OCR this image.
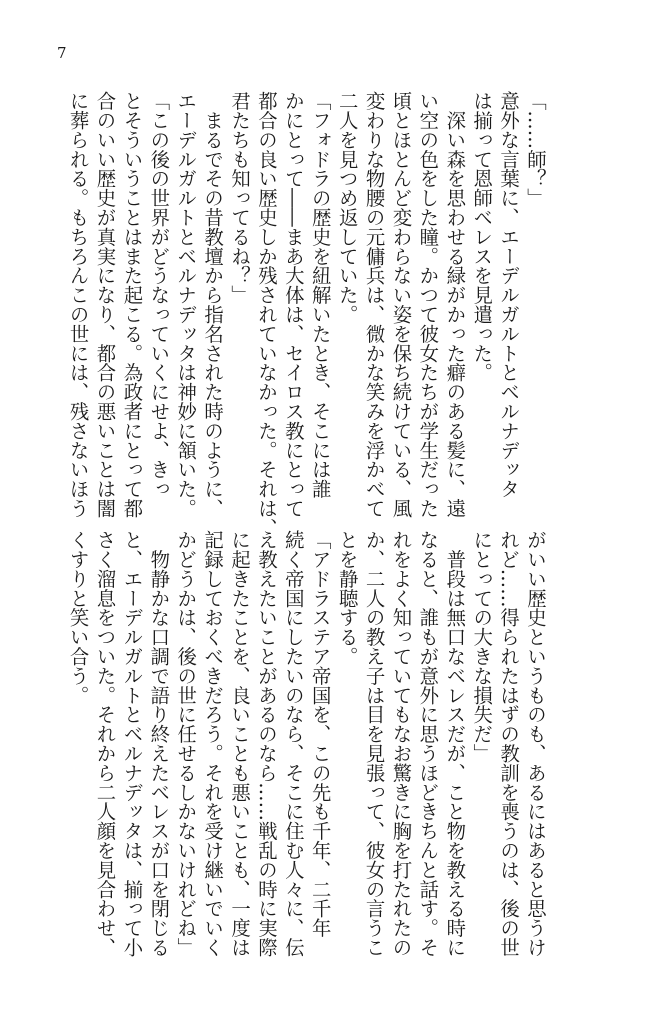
7
「……師？」
意外な言葉に、エーデルガルトとベルナデッタ
は揃って恩師ベレスを見遣った。
　深い森を思わせる緑がかった癖のある髪に、遠
い空の色をした瞳。かつて彼女たちが学生だった
頃とほとんど変わらない姿を保ち続けている、風
変わりな物腰の元傭兵は、微かな笑みを浮かべて
二人を見つめ返していた。
「フォドラの歴史を紐解いたとき、そこには誰
かにとって――まあ大体は、セイロス教にとって
都合の良い歴史しか残されていなかった。それは、
君たちも知ってるね？」
　まるでその昔教壇から指名された時のように、
エーデルガルトとベルナデッタは神妙に頷いた。
「この後の世界がどうなっていくにせよ、きっ
とそういうことはまた起こる。為政者にとって都
合のいい歴史が真実になり、都合の悪いことは闇
に葬られる。もちろんこの世には、残さないほう
がいい歴史というものも、あるにはあると思うけ
れど……得られたはずの教訓を喪うのは、後の世
にとっての大きな損失だ」
　普段は無口なベレスだが、こと物を教える時に
なると、誰もが意外に思うほどきちんと話す。そ
れをよく知っていてもなお驚きに胸を打たれたの
か、二人の教え子は目を見張って、彼女の言うこ
とを静聴する。
「アドラステア帝国を、この先も千年、二千年
続く帝国にしたいのなら、そこに住む人々に、伝
え教えたいことがあるのなら……戦乱の時に実際
に起きたことを、良いことも悪いことも、一度は
記録しておくべきだろう。それを受け継いでいく
かどうかは、後の世に任せるしかないけれどね」
　物静かな口調で語り終えたベレスが口を閉じる
と、エーデルガルトとベルナデッタは、揃って小
さく溜息をついた。それから二人顔を見合わせ、
くすりと笑い合う。
